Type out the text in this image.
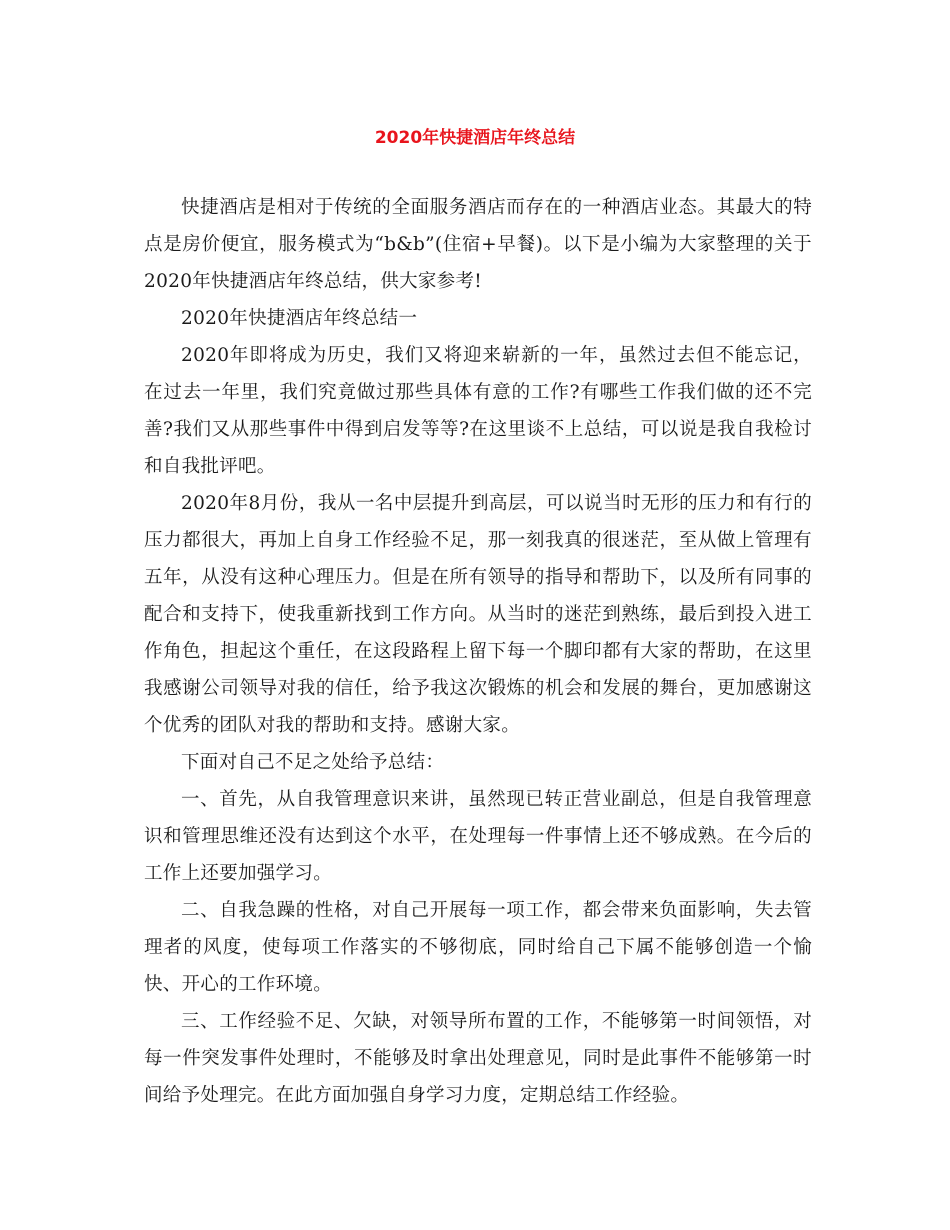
2020年快捷酒店年终总结

快捷酒店是相对于传统的全面服务酒店而存在的一种酒店业态。其最大的特点是房价便宜，服务模式为“b&b”(住宿+早餐)。以下是小编为大家整理的关于2020年快捷酒店年终总结，供大家参考!

2020年快捷酒店年终总结一

2020年即将成为历史，我们又将迎来崭新的一年，虽然过去但不能忘记，在过去一年里，我们究竟做过那些具体有意的工作?有哪些工作我们做的还不完善?我们又从那些事件中得到启发等等?在这里谈不上总结，可以说是我自我检讨和自我批评吧。

2020年8月份，我从一名中层提升到高层，可以说当时无形的压力和有行的压力都很大，再加上自身工作经验不足，那一刻我真的很迷茫，至从做上管理有五年，从没有这种心理压力。但是在所有领导的指导和帮助下，以及所有同事的配合和支持下，使我重新找到工作方向。从当时的迷茫到熟练，最后到投入进工作角色，担起这个重任，在这段路程上留下每一个脚印都有大家的帮助，在这里我感谢公司领导对我的信任，给予我这次锻炼的机会和发展的舞台，更加感谢这个优秀的团队对我的帮助和支持。感谢大家。

下面对自己不足之处给予总结：

一、首先，从自我管理意识来讲，虽然现已转正营业副总，但是自我管理意识和管理思维还没有达到这个水平，在处理每一件事情上还不够成熟。在今后的工作上还要加强学习。

二、自我急躁的性格，对自己开展每一项工作，都会带来负面影响，失去管理者的风度，使每项工作落实的不够彻底，同时给自己下属不能够创造一个愉快、开心的工作环境。

三、工作经验不足、欠缺，对领导所布置的工作，不能够第一时间领悟，对每一件突发事件处理时，不能够及时拿出处理意见，同时是此事件不能够第一时间给予处理完。在此方面加强自身学习力度，定期总结工作经验。
